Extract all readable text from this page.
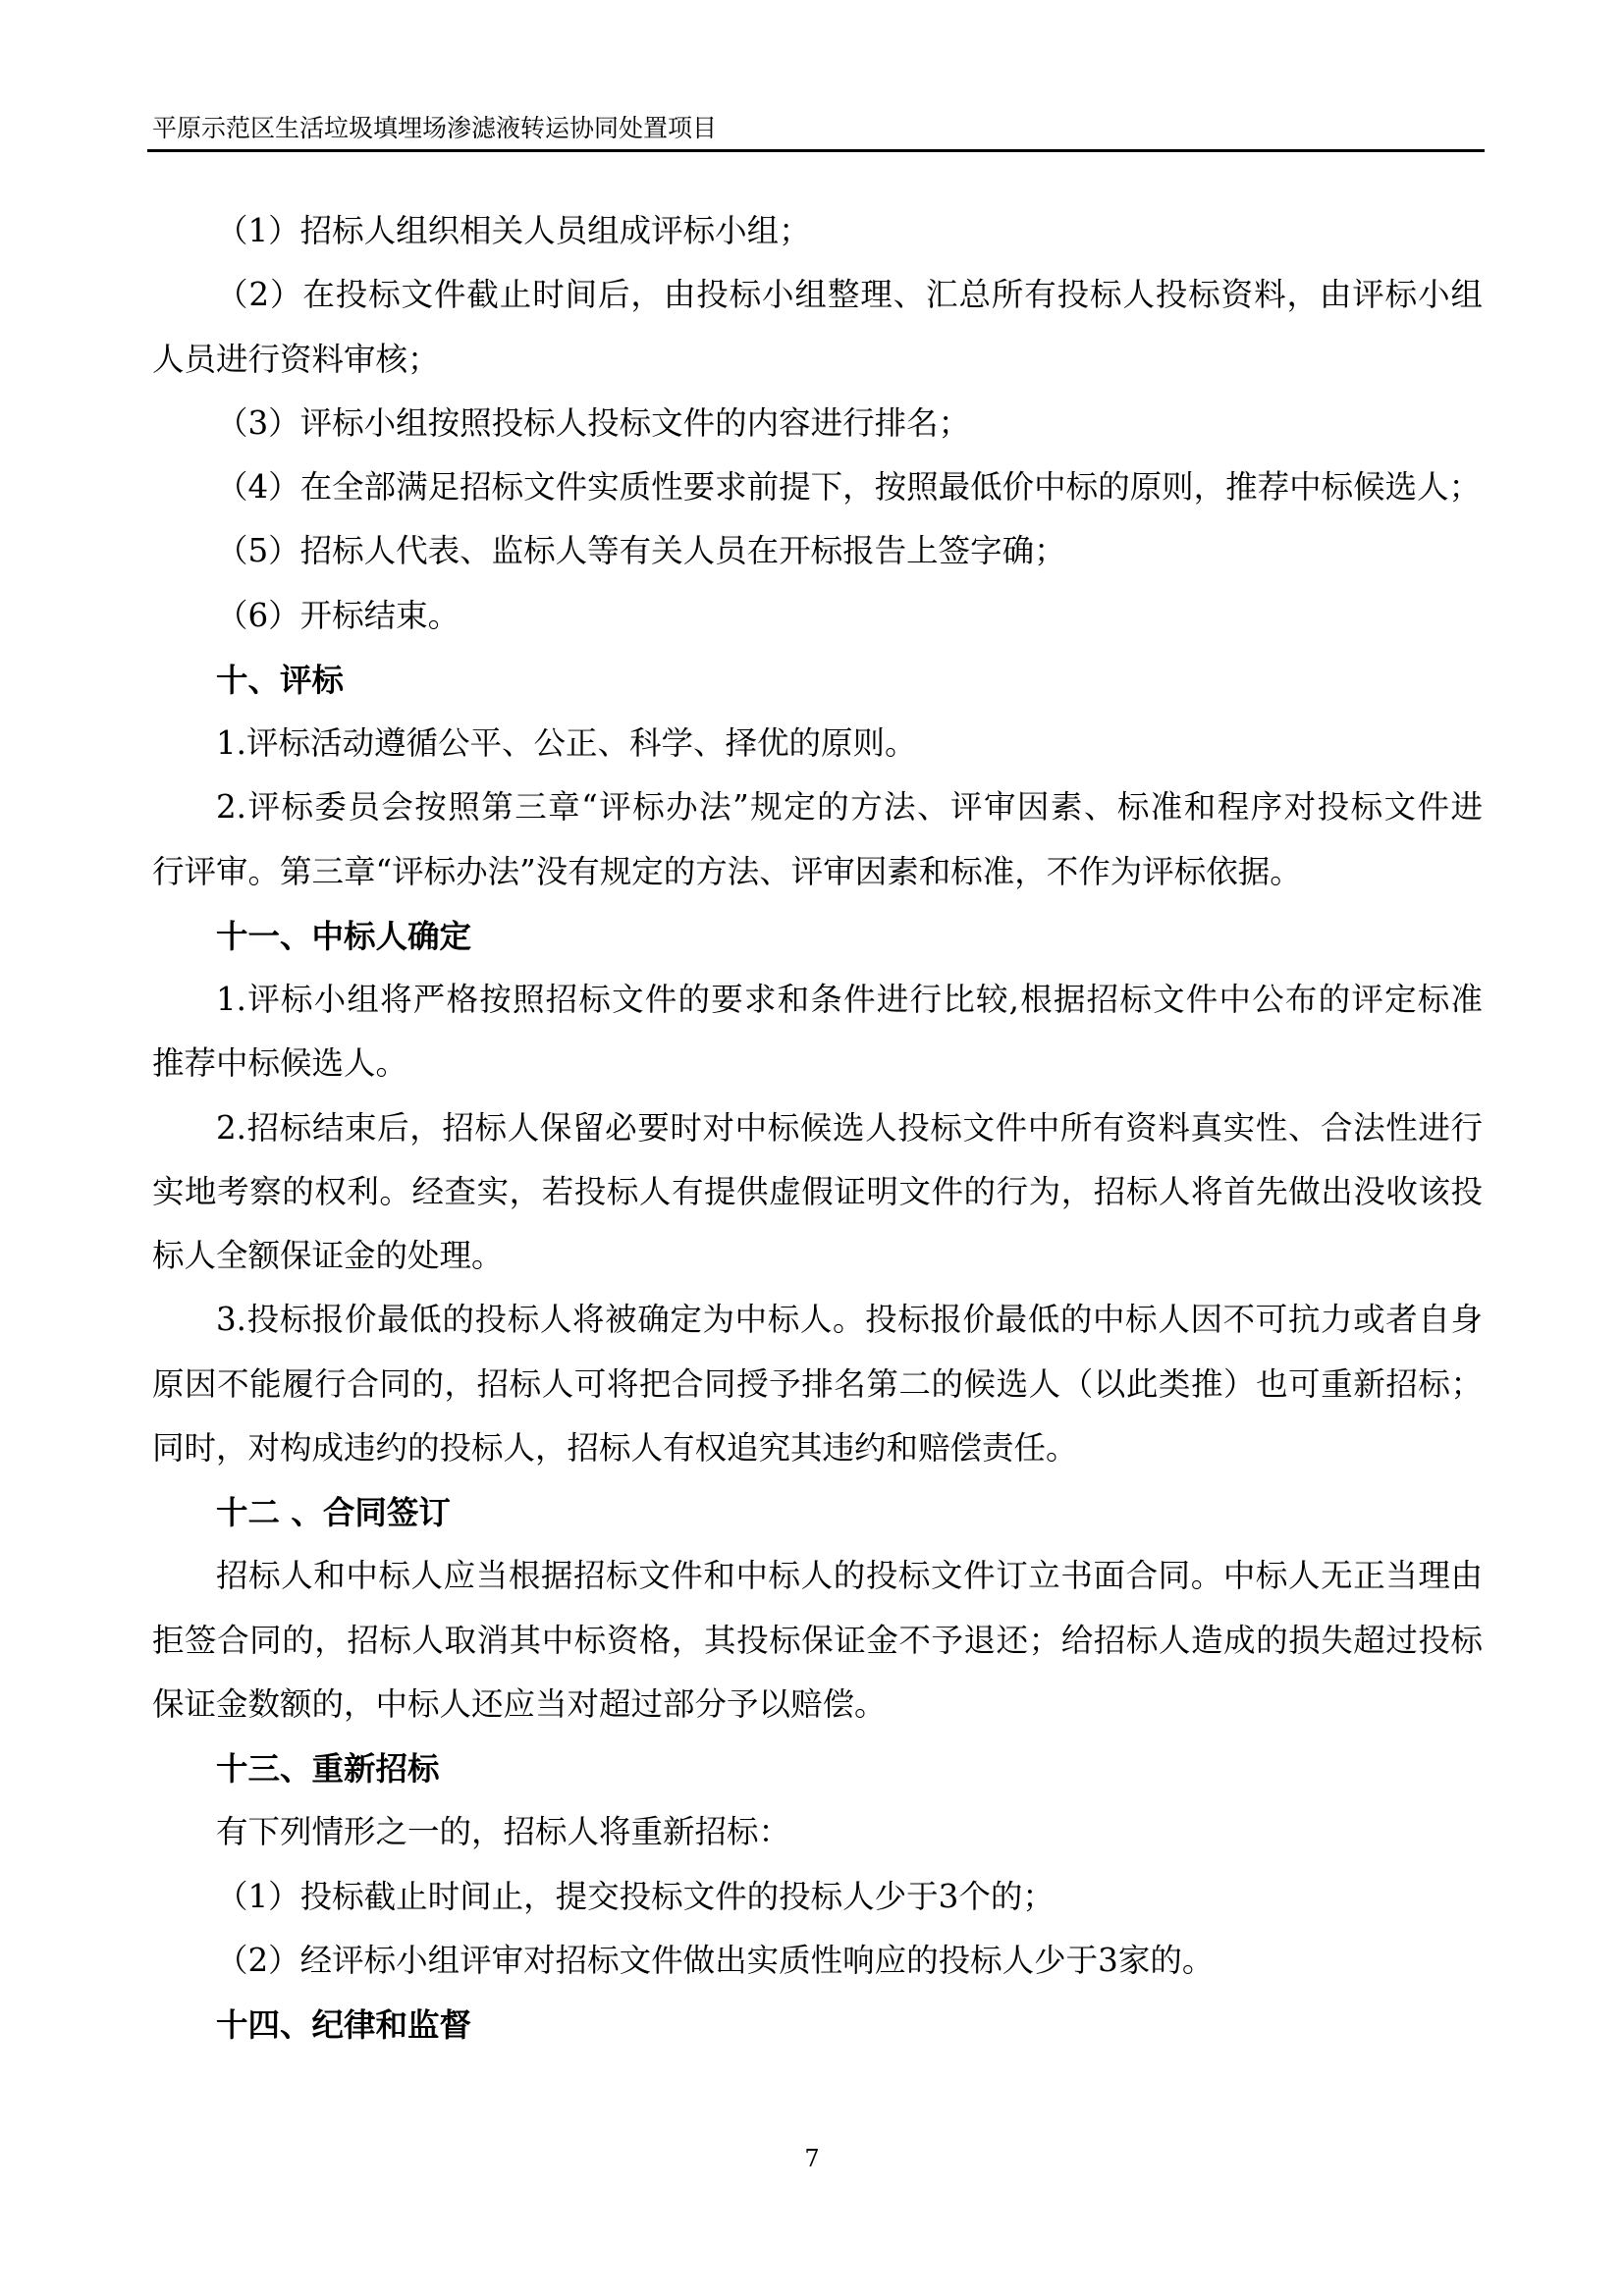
平原示范区生活垃圾填埋场渗滤液转运协同处置项目
（1）招标人组织相关人员组成评标小组；
（2）在投标文件截止时间后，由投标小组整理、汇总所有投标人投标资料，由评标小组
人员进行资料审核；
（3）评标小组按照投标人投标文件的内容进行排名；
（4）在全部满足招标文件实质性要求前提下，按照最低价中标的原则，推荐中标候选人；
（5）招标人代表、监标人等有关人员在开标报告上签字确；
（6）开标结束。
十、评标
1.评标活动遵循公平、公正、科学、择优的原则。
2.评标委员会按照第三章“评标办法”规定的方法、评审因素、标准和程序对投标文件进
行评审。第三章“评标办法”没有规定的方法、评审因素和标准，不作为评标依据。
十一、中标人确定
1.评标小组将严格按照招标文件的要求和条件进行比较,根据招标文件中公布的评定标准
推荐中标候选人。
2.招标结束后，招标人保留必要时对中标候选人投标文件中所有资料真实性、合法性进行
实地考察的权利。经查实，若投标人有提供虚假证明文件的行为，招标人将首先做出没收该投
标人全额保证金的处理。
3.投标报价最低的投标人将被确定为中标人。投标报价最低的中标人因不可抗力或者自身
原因不能履行合同的，招标人可将把合同授予排名第二的候选人（以此类推）也可重新招标；
同时，对构成违约的投标人，招标人有权追究其违约和赔偿责任。
十二 、合同签订
招标人和中标人应当根据招标文件和中标人的投标文件订立书面合同。中标人无正当理由
拒签合同的，招标人取消其中标资格，其投标保证金不予退还；给招标人造成的损失超过投标
保证金数额的，中标人还应当对超过部分予以赔偿。
十三、重新招标
有下列情形之一的，招标人将重新招标：
（1）投标截止时间止，提交投标文件的投标人少于3个的；
（2）经评标小组评审对招标文件做出实质性响应的投标人少于3家的。
十四、纪律和监督
7
